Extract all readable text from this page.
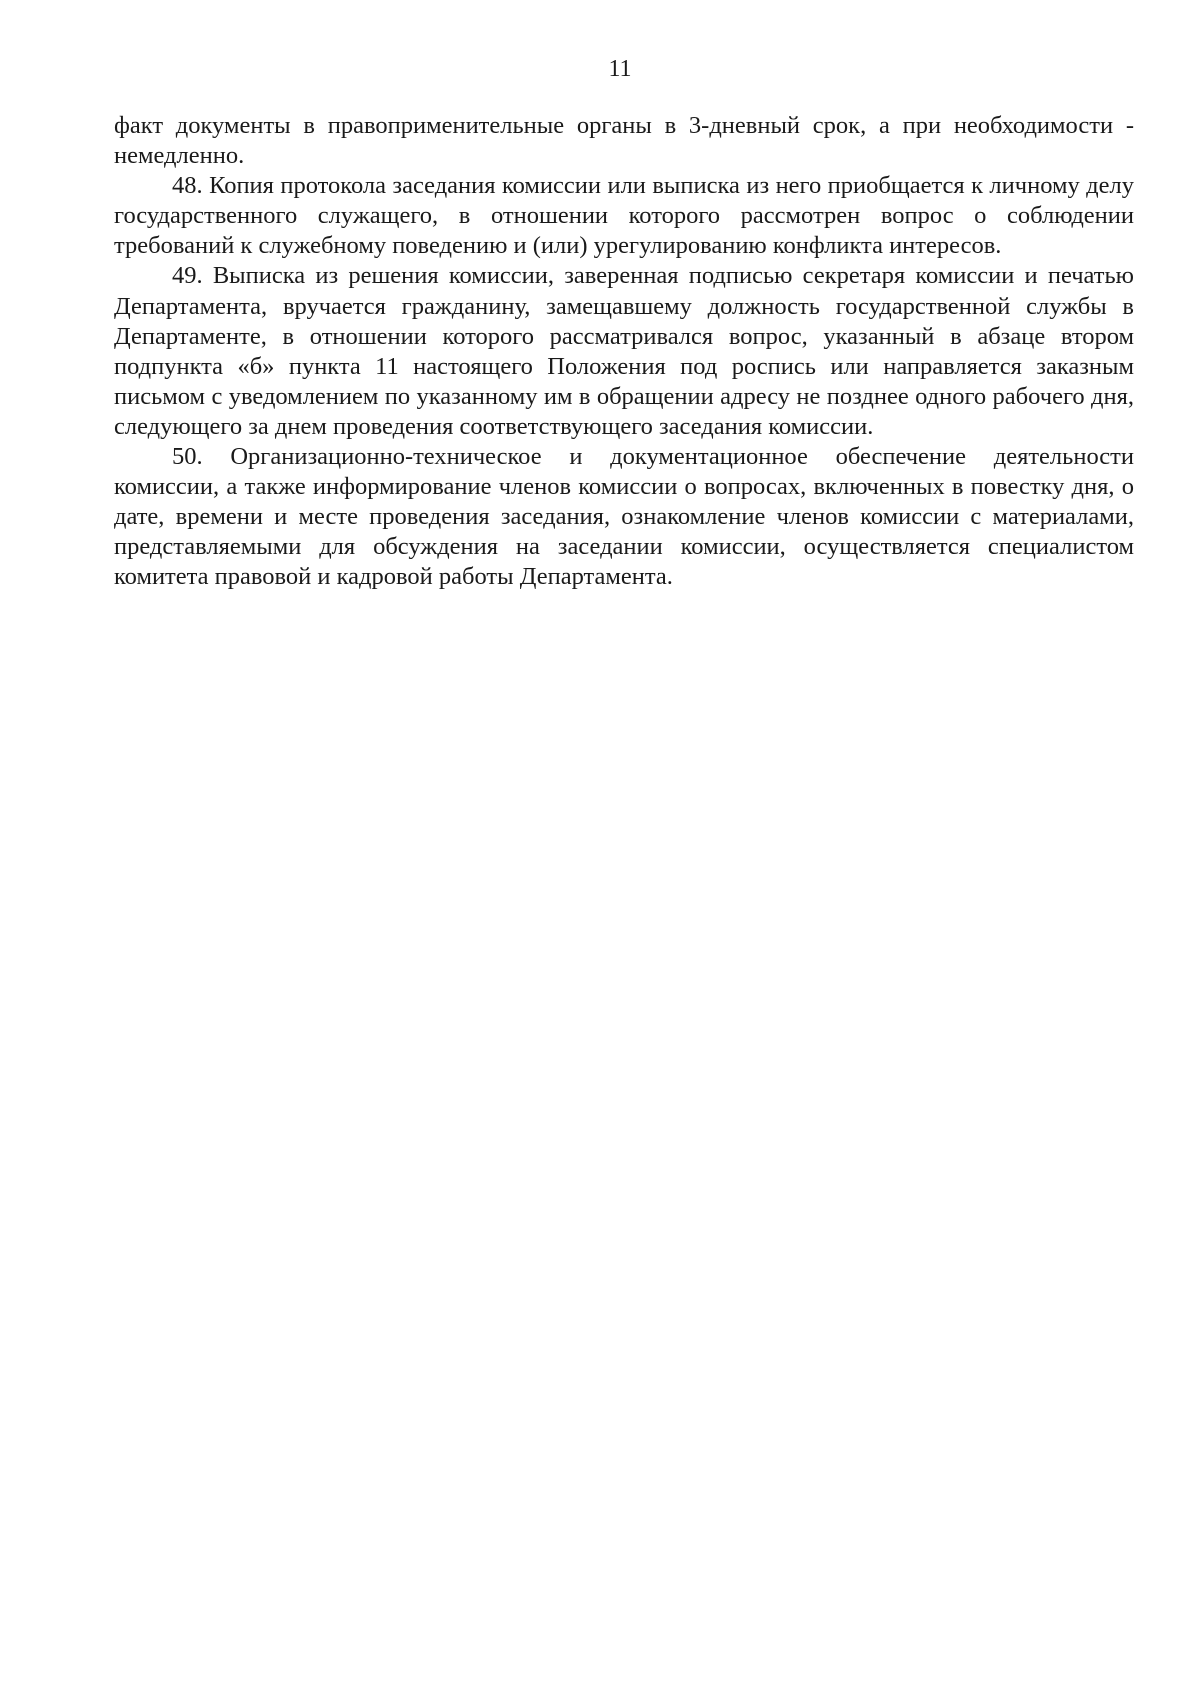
11

факт документы в правоприменительные органы в 3-дневный срок, а при необходимости - немедленно.

48. Копия протокола заседания комиссии или выписка из него приобщается к личному делу государственного служащего, в отношении которого рассмотрен вопрос о соблюдении требований к служебному поведению и (или) урегулированию конфликта интересов.

49. Выписка из решения комиссии, заверенная подписью секретаря комиссии и печатью Департамента, вручается гражданину, замещавшему должность государственной службы в Департаменте, в отношении которого рассматривался вопрос, указанный в абзаце втором подпункта «б» пункта 11 настоящего Положения под роспись или направляется заказным письмом с уведомлением по указанному им в обращении адресу не позднее одного рабочего дня, следующего за днем проведения соответствующего заседания комиссии.

50. Организационно-техническое и документационное обеспечение деятельности комиссии, а также информирование членов комиссии о вопросах, включенных в повестку дня, о дате, времени и месте проведения заседания, ознакомление членов комиссии с материалами, представляемыми для обсуждения на заседании комиссии, осуществляется специалистом комитета правовой и кадровой работы Департамента.
